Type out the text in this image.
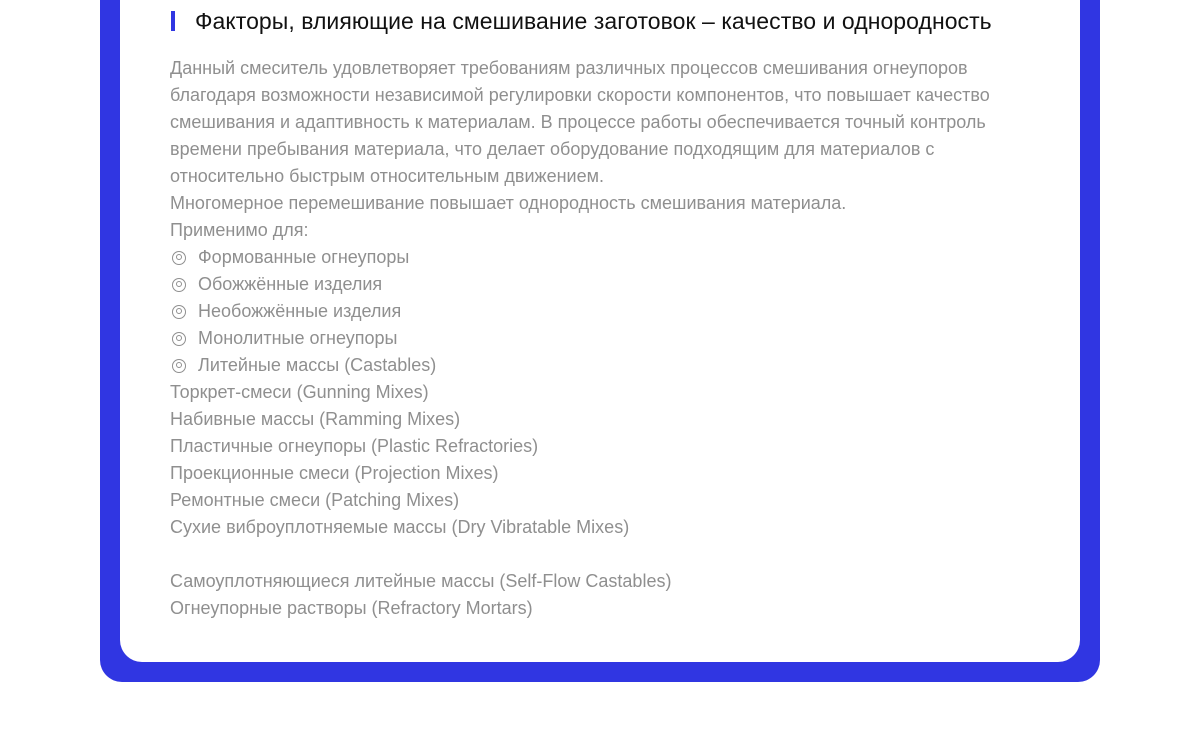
Факторы, влияющие на смешивание заготовок – качество и однородность
Данный смеситель удовлетворяет требованиям различных процессов смешивания огнеупоров
благодаря возможности независимой регулировки скорости компонентов, что повышает качество
смешивания и адаптивность к материалам. В процессе работы обеспечивается точный контроль
времени пребывания материала, что делает оборудование подходящим для материалов с
относительно быстрым относительным движением.
Многомерное перемешивание повышает однородность смешивания материала.
Применимо для:
Формованные огнеупоры
Обожжённые изделия
Необожжённые изделия
Монолитные огнеупоры
Литейные массы (Castables)
Торкрет-смеси (Gunning Mixes)
Набивные массы (Ramming Mixes)
Пластичные огнеупоры (Plastic Refractories)
Проекционные смеси (Projection Mixes)
Ремонтные смеси (Patching Mixes)
Сухие виброуплотняемые массы (Dry Vibratable Mixes)
Самоуплотняющиеся литейные массы (Self-Flow Castables)
Огнеупорные растворы (Refractory Mortars)
